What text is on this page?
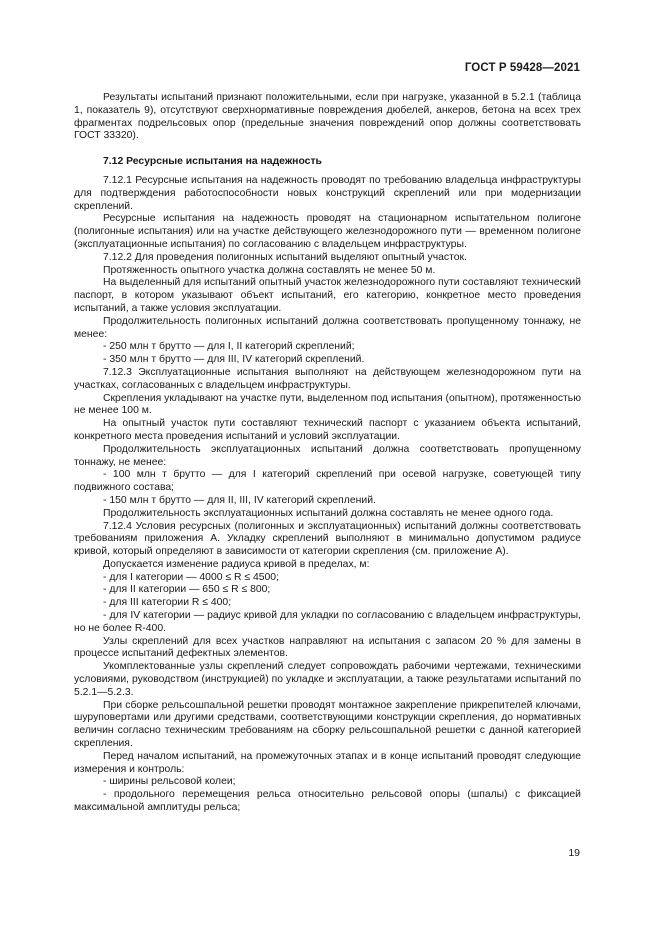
ГОСТ Р 59428—2021

Результаты испытаний признают положительными, если при нагрузке, указанной в 5.2.1 (таблица 1, показатель 9), отсутствуют сверхнормативные повреждения дюбелей, анкеров, бетона на всех трех фрагментах подрельсовых опор (предельные значения повреждений опор должны соответствовать ГОСТ 33320).

7.12 Ресурсные испытания на надежность

7.12.1 Ресурсные испытания на надежность проводят по требованию владельца инфраструктуры для подтверждения работоспособности новых конструкций скреплений или при модернизации скреплений.

Ресурсные испытания на надежность проводят на стационарном испытательном полигоне (полигонные испытания) или на участке действующего железнодорожного пути — временном полигоне (эксплуатационные испытания) по согласованию с владельцем инфраструктуры.

7.12.2 Для проведения полигонных испытаний выделяют опытный участок.

Протяженность опытного участка должна составлять не менее 50 м.

На выделенный для испытаний опытный участок железнодорожного пути составляют технический паспорт, в котором указывают объект испытаний, его категорию, конкретное место проведения испытаний, а также условия эксплуатации.

Продолжительность полигонных испытаний должна соответствовать пропущенному тоннажу, не менее:

- 250 млн т брутто — для I, II категорий скреплений;

- 350 млн т брутто — для III, IV категорий скреплений.

7.12.3 Эксплуатационные испытания выполняют на действующем железнодорожном пути на участках, согласованных с владельцем инфраструктуры.

Скрепления укладывают на участке пути, выделенном под испытания (опытном), протяженностью не менее 100 м.

На опытный участок пути составляют технический паспорт с указанием объекта испытаний, конкретного места проведения испытаний и условий эксплуатации.

Продолжительность эксплуатационных испытаний должна соответствовать пропущенному тоннажу, не менее:

- 100 млн т брутто — для I категорий скреплений при осевой нагрузке, советующей типу подвижного состава;

- 150 млн т брутто — для II, III, IV категорий скреплений.

Продолжительность эксплуатационных испытаний должна составлять не менее одного года.

7.12.4 Условия ресурсных (полигонных и эксплуатационных) испытаний должны соответствовать требованиям приложения А. Укладку скреплений выполняют в минимально допустимом радиусе кривой, который определяют в зависимости от категории скрепления (см. приложение А).

Допускается изменение радиуса кривой в пределах, м:

- для I категории — 4000 ≤ R ≤ 4500;

- для II категории — 650 ≤ R ≤ 800;

- для III категории R ≤ 400;

- для IV категории — радиус кривой для укладки по согласованию с владельцем инфраструктуры, но не более R-400.

Узлы скреплений для всех участков направляют на испытания с запасом 20 % для замены в процессе испытаний дефектных элементов.

Укомплектованные узлы скреплений следует сопровождать рабочими чертежами, техническими условиями, руководством (инструкцией) по укладке и эксплуатации, а также результатами испытаний по 5.2.1—5.2.3.

При сборке рельсошпальной решетки проводят монтажное закрепление прикрепителей ключами, шуруповертами или другими средствами, соответствующими конструкции скрепления, до нормативных величин согласно техническим требованиям на сборку рельсошпальной решетки с данной категорией скрепления.

Перед началом испытаний, на промежуточных этапах и в конце испытаний проводят следующие измерения и контроль:

- ширины рельсовой колеи;

- продольного перемещения рельса относительно рельсовой опоры (шпалы) с фиксацией максимальной амплитуды рельса;

19
